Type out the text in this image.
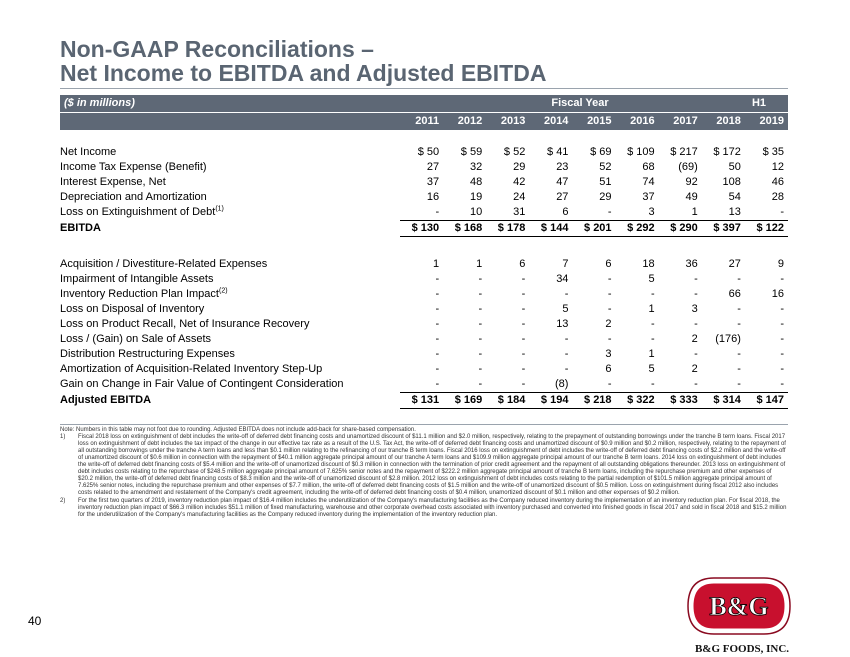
Non-GAAP Reconciliations –
Net Income to EBITDA and Adjusted EBITDA
($ in millions)	Fiscal Year	H1
2011	2012	2013	2014	2015	2016	2017	2018	2019
Net Income	$ 50	$ 59	$ 52	$ 41	$ 69	$ 109	$ 217	$ 172	$ 35
Income Tax Expense (Benefit)	27	32	29	23	52	68	(69)	50	12
Interest Expense, Net	37	48	42	47	51	74	92	108	46
Depreciation and Amortization	16	19	24	27	29	37	49	54	28
Loss on Extinguishment of Debt$^{(1)}$	-	10	31	6	-	3	1	13	-
EBITDA	$ 130	$ 168	$ 178	$ 144	$ 201	$ 292	$ 290	$ 397	$ 122

Acquisition / Divestiture-Related Expenses	1	1	6	7	6	18	36	27	9
Impairment of Intangible Assets	-	-	-	34	-	5	-	-	-
Inventory Reduction Plan Impact$^{(2)}$	-	-	-	-	-	-	-	66	16
Loss on Disposal of Inventory	-	-	-	5	-	1	3	-	-
Loss on Product Recall, Net of Insurance Recovery	-	-	-	13	2	-	-	-	-
Loss / (Gain) on Sale of Assets	-	-	-	-	-	-	2	(176)	-
Distribution Restructuring Expenses	-	-	-	-	3	1	-	-	-
Amortization of Acquisition-Related Inventory Step-Up	-	-	-	-	6	5	2	-	-
Gain on Change in Fair Value of Contingent Consideration	-	-	-	(8)	-	-	-	-	-
Adjusted EBITDA	$ 131	$ 169	$ 184	$ 194	$ 218	$ 322	$ 333	$ 314	$ 147
Note: Numbers in this table may not foot due to rounding. Adjusted EBITDA does not include add-back for share-based compensation.
1) Fiscal 2018 loss on extinguishment of debt includes the write-off of deferred debt financing costs and unamortized discount of $11.1 million and $2.0 million, respectively, relating to the prepayment of outstanding borrowings under the tranche B term loans. Fiscal 2017 loss on extinguishment of debt includes the tax impact of the change in our effective tax rate as a result of the U.S. Tax Act, the write-off of deferred debt financing costs and unamortized discount of $0.9 million and $0.2 million, respectively, relating to the repayment of all outstanding borrowings under the tranche A term loans and less than $0.1 million relating to the refinancing of our tranche B term loans. Fiscal 2016 loss on extinguishment of debt includes the write-off of deferred debt financing costs of $2.2 million and the write-off of unamortized discount of $0.6 million in connection with the repayment of $40.1 million aggregate principal amount of our tranche A term loans and $109.9 million aggregate principal amount of our tranche B term loans. 2014 loss on extinguishment of debt includes the write-off of deferred debt financing costs of $5.4 million and the write-off of unamortized discount of $0.3 million in connection with the termination of prior credit agreement and the repayment of all outstanding obligations thereunder. 2013 loss on extinguishment of debt includes costs relating to the repurchase of $248.5 million aggregate principal amount of 7.625% senior notes and the repayment of $222.2 million aggregate principal amount of tranche B term loans, including the repurchase premium and other expenses of $20.2 million, the write-off of deferred debt financing costs of $8.3 million and the write-off of unamortized discount of $2.8 million. 2012 loss on extinguishment of debt includes costs relating to the partial redemption of $101.5 million aggregate principal amount of 7.625% senior notes, including the repurchase premium and other expenses of $7.7 million, the write-off of deferred debt financing costs of $1.5 million and the write-off of unamortized discount of $0.5 million. Loss on extinguishment during fiscal 2012 also includes costs related to the amendment and restatement of the Company's credit agreement, including the write-off of deferred debt financing costs of $0.4 million, unamortized discount of $0.1 million and other expenses of $0.2 million.
2) For the first two quarters of 2019, inventory reduction plan impact of $16.4 million includes the underutilization of the Company's manufacturing facilities as the Company reduced inventory during the implementation of an inventory reduction plan. For fiscal 2018, the inventory reduction plan impact of $66.3 million includes $51.1 million of fixed manufacturing, warehouse and other corporate overhead costs associated with inventory purchased and converted into finished goods in fiscal 2017 and sold in fiscal 2018 and $15.2 million for the underutilization of the Company's manufacturing facilities as the Company reduced inventory during the implementation of the inventory reduction plan.
40	B&G
B&G FOODS, INC.
